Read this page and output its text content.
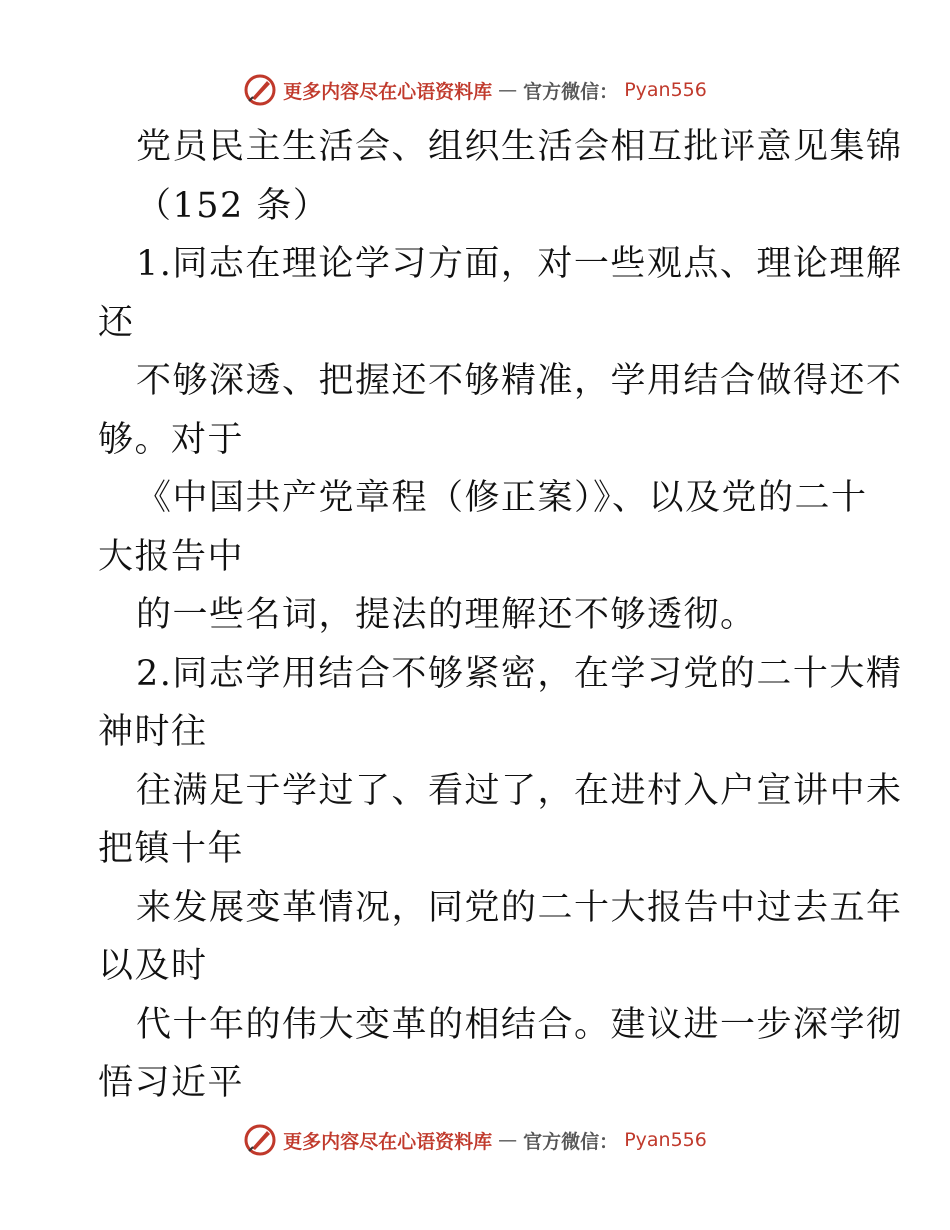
更多内容尽在心语资料库 — 官方微信： Pyan556
党员民主生活会、组织生活会相互批评意见集锦
（152 条）
1.同志在理论学习方面，对一些观点、理论理解
还
不够深透、把握还不够精准，学用结合做得还不
够。对于
《中国共产党章程（修正案）》、以及党的二十
大报告中
的一些名词，提法的理解还不够透彻。
2.同志学用结合不够紧密，在学习党的二十大精
神时往
往满足于学过了、看过了，在进村入户宣讲中未
把镇十年
来发展变革情况，同党的二十大报告中过去五年
以及时
代十年的伟大变革的相结合。建议进一步深学彻
悟习近平
更多内容尽在心语资料库 — 官方微信： Pyan556
